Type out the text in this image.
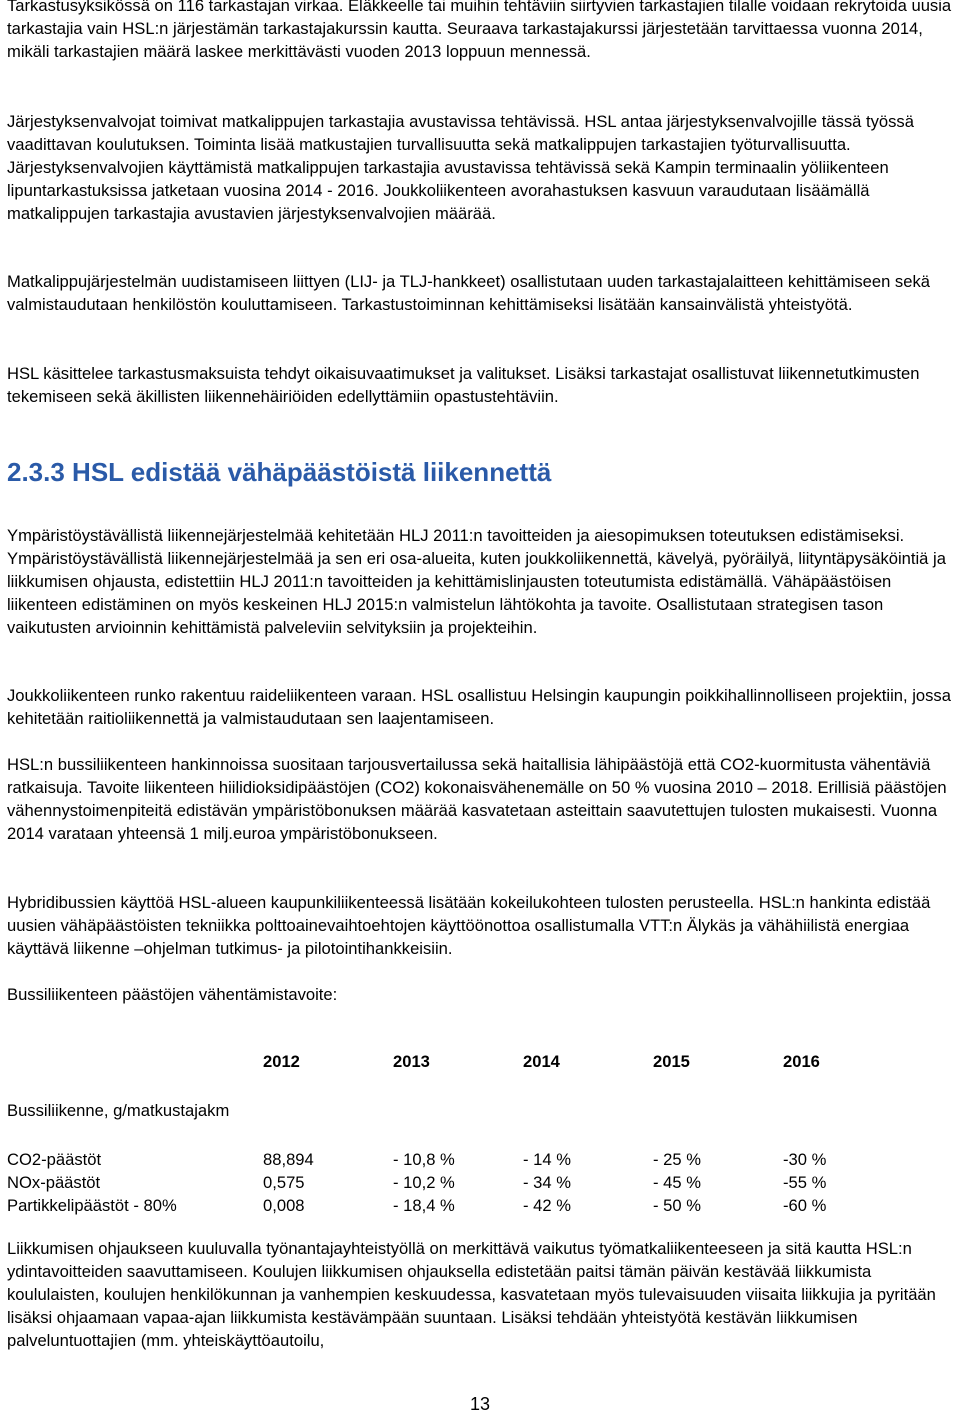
Tarkastusyksikössä on 116 tarkastajan virkaa. Eläkkeelle tai muihin tehtäviin siirtyvien tarkastajien tilalle voidaan rekrytoida uusia tarkastajia vain HSL:n järjestämän tarkastajakurssin kautta. Seuraava tarkastajakurssi järjestetään tarvittaessa vuonna 2014, mikäli tarkastajien määrä laskee merkittävästi vuoden 2013 loppuun mennessä.

Järjestyksenvalvojat toimivat matkalippujen tarkastajia avustavissa tehtävissä. HSL antaa järjestyksenvalvojille tässä työssä vaadittavan koulutuksen. Toiminta lisää matkustajien turvallisuutta sekä matkalippujen tarkastajien työturvallisuutta. Järjestyksenvalvojien käyttämistä matkalippujen tarkastajia avustavissa tehtävissä sekä Kampin terminaalin yöliikenteen lipuntarkastuksissa jatketaan vuosina 2014 - 2016. Joukkoliikenteen avorahastuksen kasvuun varaudutaan lisäämällä matkalippujen tarkastajia avustavien järjestyksenvalvojien määrää.

Matkalippujärjestelmän uudistamiseen liittyen (LIJ- ja TLJ-hankkeet) osallistutaan uuden tarkastajalaitteen kehittämiseen sekä valmistaudutaan henkilöstön kouluttamiseen. Tarkastustoiminnan kehittämiseksi lisätään kansainvälistä yhteistyötä.

HSL käsittelee tarkastusmaksuista tehdyt oikaisuvaatimukset ja valitukset. Lisäksi tarkastajat osallistuvat liikennetutkimusten tekemiseen sekä äkillisten liikennehäiriöiden edellyttämiin opastustehtäviin.

2.3.3 HSL edistää vähäpäästöistä liikennettä

Ympäristöystävällistä liikennejärjestelmää kehitetään HLJ 2011:n tavoitteiden ja aiesopimuksen toteutuksen edistämiseksi. Ympäristöystävällistä liikennejärjestelmää ja sen eri osa-alueita, kuten joukkoliikennettä, kävelyä, pyöräilyä, liityntäpysäköintiä ja liikkumisen ohjausta, edistettiin HLJ 2011:n tavoitteiden ja kehittämislinjausten toteutumista edistämällä. Vähäpäästöisen liikenteen edistäminen on myös keskeinen HLJ 2015:n valmistelun lähtökohta ja tavoite. Osallistutaan strategisen tason vaikutusten arvioinnin kehittämistä palveleviin selvityksiin ja projekteihin.

Joukkoliikenteen runko rakentuu raideliikenteen varaan. HSL osallistuu Helsingin kaupungin poikkihallinnolliseen projektiin, jossa kehitetään raitioliikennettä ja valmistaudutaan sen laajentamiseen.

HSL:n bussiliikenteen hankinnoissa suositaan tarjousvertailussa sekä haitallisia lähipäästöjä että CO2-kuormitusta vähentäviä ratkaisuja. Tavoite liikenteen hiilidioksidipäästöjen (CO2) kokonaisvähenemälle on 50 % vuosina 2010 – 2018. Erillisiä päästöjen vähennystoimenpiteitä edistävän ympäristöbonuksen määrää kasvatetaan asteittain saavutettujen tulosten mukaisesti. Vuonna 2014 varataan yhteensä 1 milj.euroa ympäristöbonukseen.

Hybridibussien käyttöä HSL-alueen kaupunkiliikenteessä lisätään kokeilukohteen tulosten perusteella. HSL:n hankinta edistää uusien vähäpäästöisten tekniikka polttoainevaihtoehtojen käyttöönottoa osallistumalla VTT:n Älykäs ja vähähiilistä energiaa käyttävä liikenne –ohjelman tutkimus- ja pilotointihankkeisiin.

Bussiliikenteen päästöjen vähentämistavoite:

	2012	2013	2014	2015	2016
Bussiliikenne, g/matkustajakm					
CO2-päästöt	88,894	- 10,8 %	- 14 %	- 25 %	-30 %
NOx-päästöt	0,575	- 10,2 %	- 34 %	- 45 %	-55 %
Partikkelipäästöt - 80%	0,008	- 18,4 %	- 42 %	- 50 %	-60 %

Liikkumisen ohjaukseen kuuluvalla työnantajayhteistyöllä on merkittävä vaikutus työmatkaliikenteeseen ja sitä kautta HSL:n ydintavoitteiden saavuttamiseen. Koulujen liikkumisen ohjauksella edistetään paitsi tämän päivän kestävää liikkumista koululaisten, koulujen henkilökunnan ja vanhempien keskuudessa, kasvatetaan myös tulevaisuuden viisaita liikkujia ja pyritään lisäksi ohjaamaan vapaa-ajan liikkumista kestävämpään suuntaan. Lisäksi tehdään yhteistyötä kestävän liikkumisen palveluntuottajien (mm. yhteiskäyttöautoilu,

13
